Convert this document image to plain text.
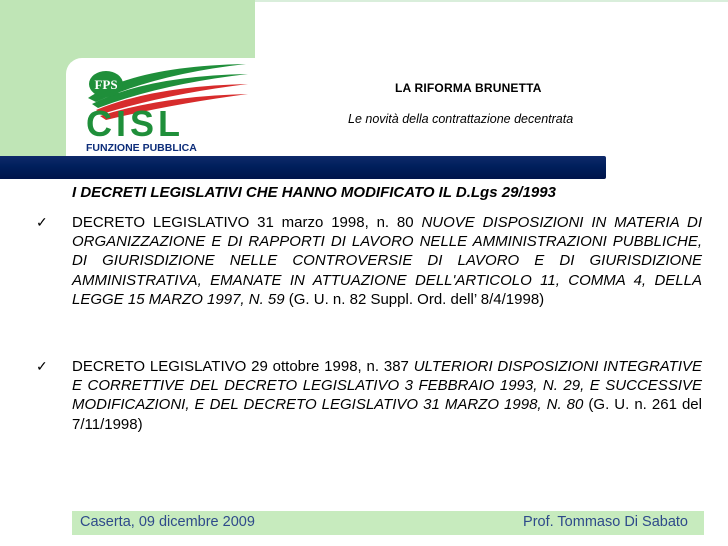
FPS
CISL
FUNZIONE PUBBLICA
LA RIFORMA BRUNETTA
Le novità della contrattazione decentrata
I DECRETI LEGISLATIVI CHE HANNO MODIFICATO IL D.Lgs 29/1993
✓ DECRETO LEGISLATIVO 31 marzo 1998, n. 80 NUOVE DISPOSIZIONI IN MATERIA DI ORGANIZZAZIONE E DI RAPPORTI DI LAVORO NELLE AMMINISTRAZIONI PUBBLICHE, DI GIURISDIZIONE NELLE CONTROVERSIE DI LAVORO E DI GIURISDIZIONE AMMINISTRATIVA, EMANATE IN ATTUAZIONE DELL'ARTICOLO 11, COMMA 4, DELLA LEGGE 15 MARZO 1997, N. 59 (G. U. n. 82 Suppl. Ord. dell’ 8/4/1998)
✓ DECRETO LEGISLATIVO 29 ottobre 1998, n. 387 ULTERIORI DISPOSIZIONI INTEGRATIVE E CORRETTIVE DEL DECRETO LEGISLATIVO 3 FEBBRAIO 1993, N. 29, E SUCCESSIVE MODIFICAZIONI, E DEL DECRETO LEGISLATIVO 31 MARZO 1998, N. 80 (G. U. n. 261 del 7/11/1998)
Caserta, 09 dicembre 2009	Prof. Tommaso Di Sabato
